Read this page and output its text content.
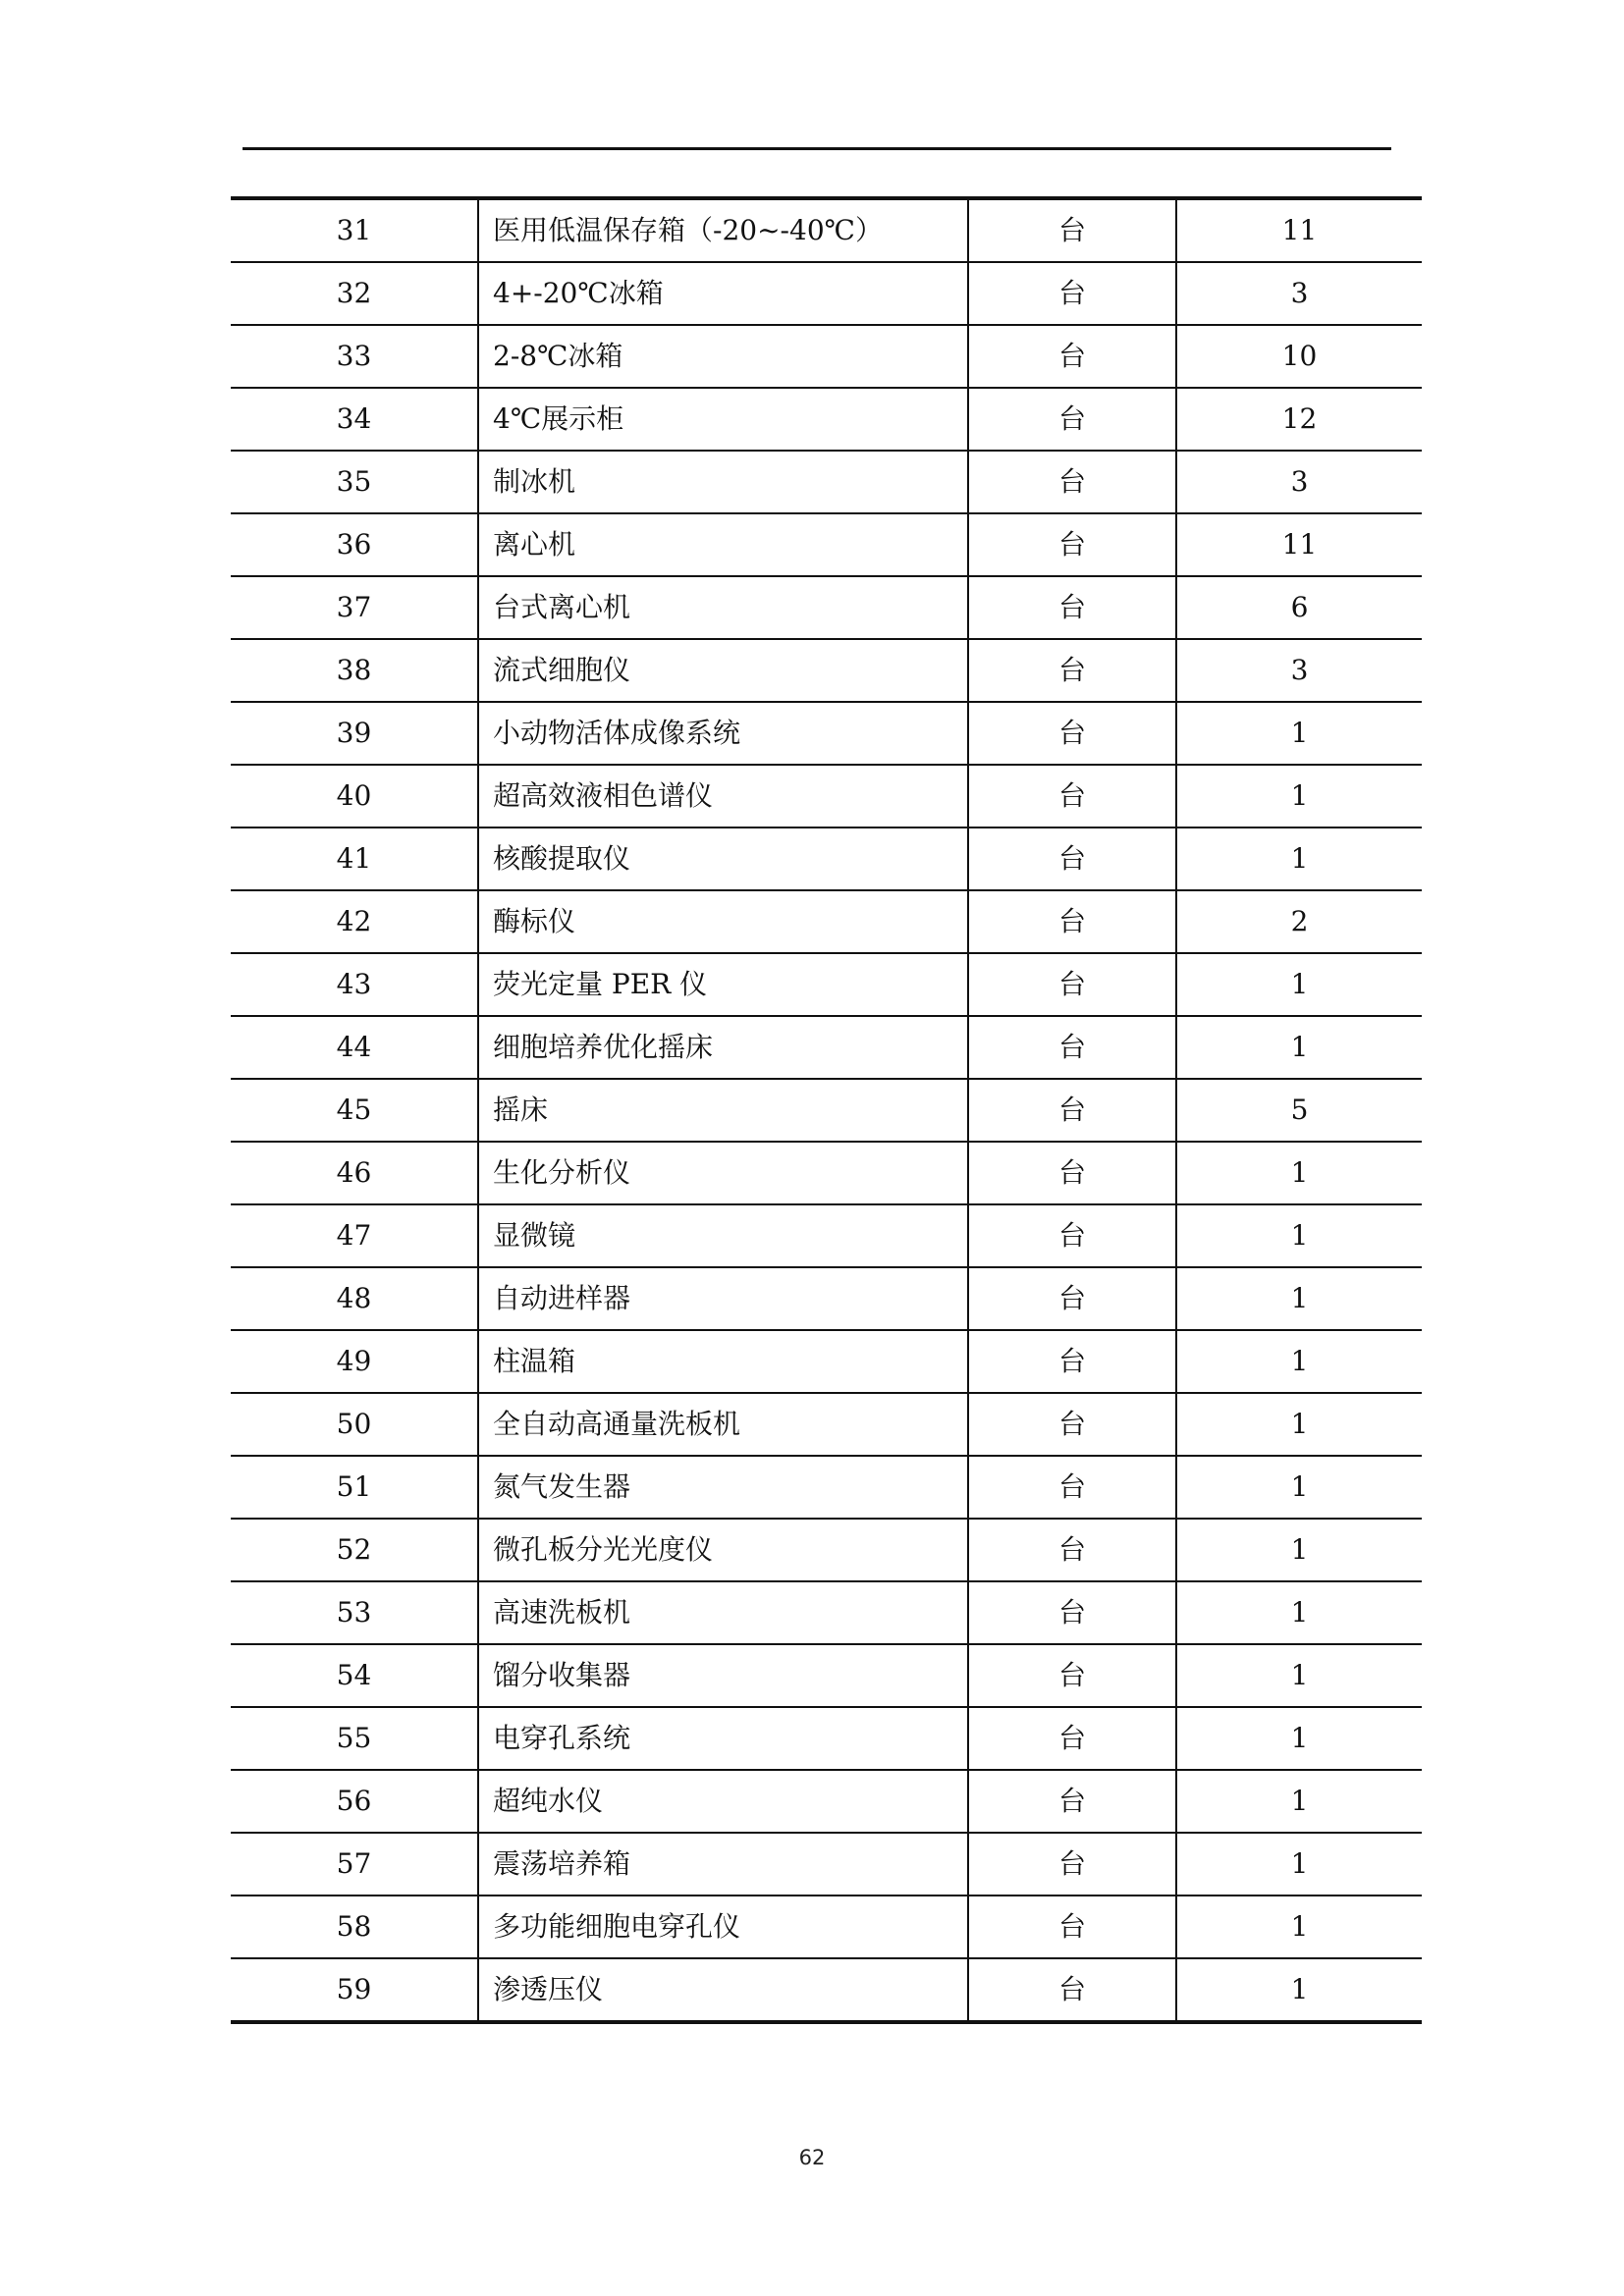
31	医用低温保存箱（-20~-40℃）	台	11
32	4+-20℃冰箱	台	3
33	2-8℃冰箱	台	10
34	4℃展示柜	台	12
35	制冰机	台	3
36	离心机	台	11
37	台式离心机	台	6
38	流式细胞仪	台	3
39	小动物活体成像系统	台	1
40	超高效液相色谱仪	台	1
41	核酸提取仪	台	1
42	酶标仪	台	2
43	荧光定量 PER 仪	台	1
44	细胞培养优化摇床	台	1
45	摇床	台	5
46	生化分析仪	台	1
47	显微镜	台	1
48	自动进样器	台	1
49	柱温箱	台	1
50	全自动高通量洗板机	台	1
51	氮气发生器	台	1
52	微孔板分光光度仪	台	1
53	高速洗板机	台	1
54	馏分收集器	台	1
55	电穿孔系统	台	1
56	超纯水仪	台	1
57	震荡培养箱	台	1
58	多功能细胞电穿孔仪	台	1
59	渗透压仪	台	1
62
